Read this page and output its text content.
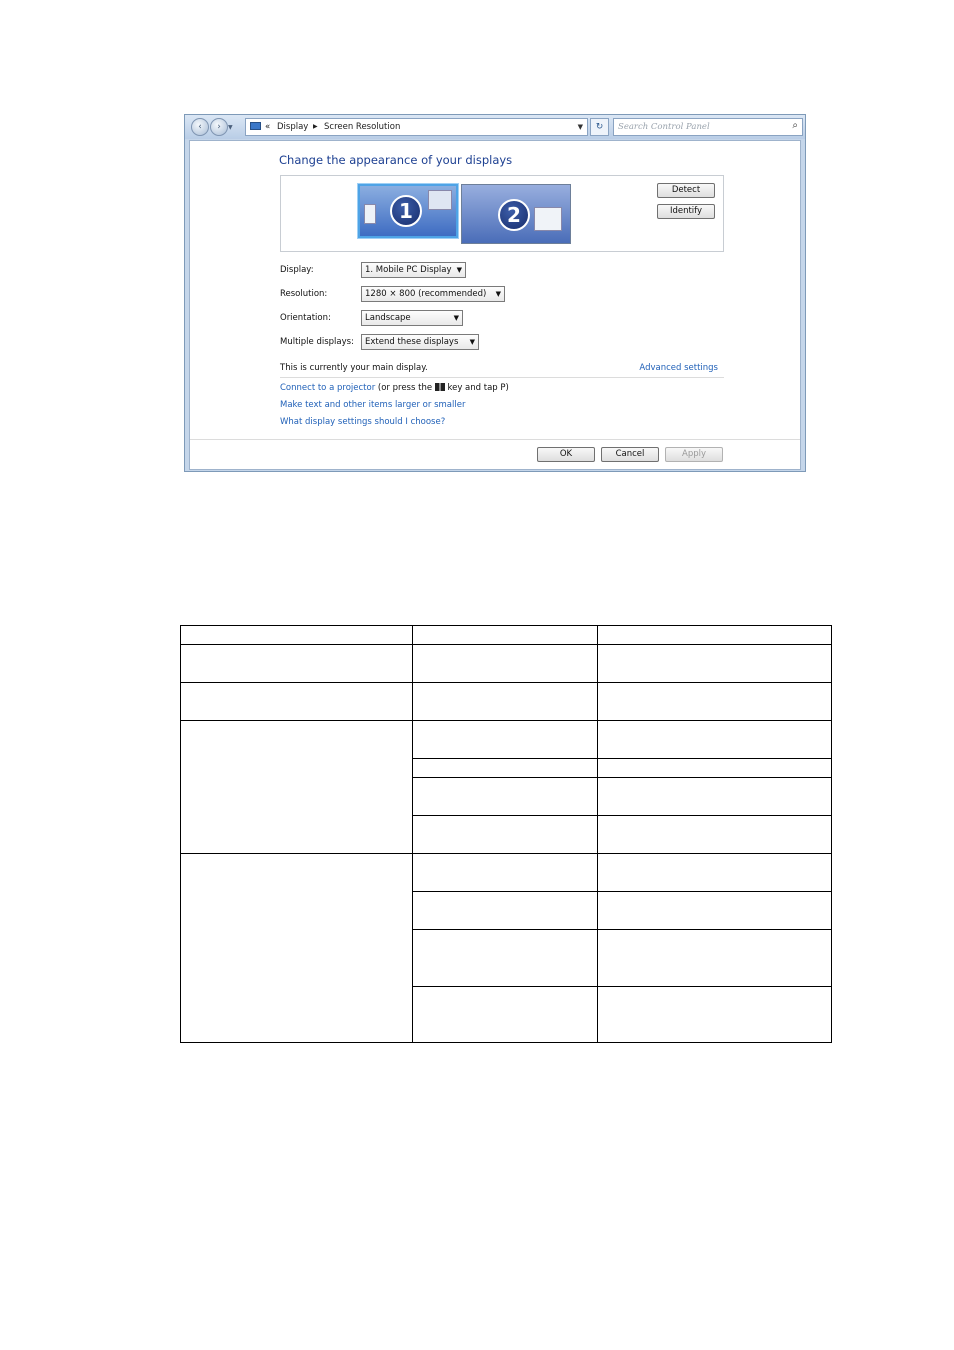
‹	›	▼	« Display ▶ Screen Resolution	▼	↻
Search Control Panel	⌕
Change the appearance of your displays
1	2
Detect
Identify
Display:	1. Mobile PC Display ▼
Resolution:	1280 × 800 (recommended) ▼
Orientation:	Landscape	▼
Multiple displays:	Extend these displays ▼
This is currently your main display.	Advanced settings
Connect to a projector (or press the  key and tap P)
Make text and other items larger or smaller
What display settings should I choose?
OK	Cancel	Apply
